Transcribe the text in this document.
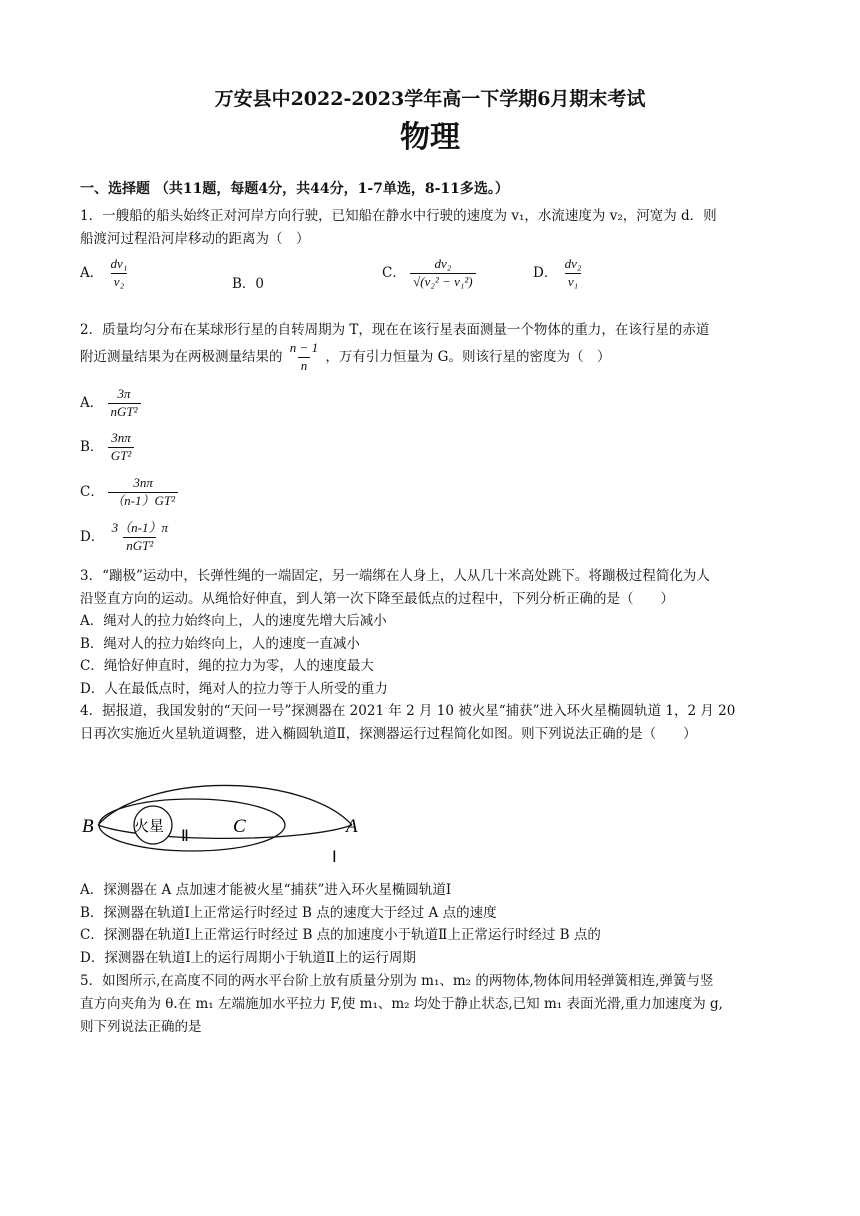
万安县中2022-2023学年高一下学期6月期末考试
物理
一、选择题 （共11题，每题4分，共44分，1-7单选，8-11多选。）
1．一艘船的船头始终正对河岸方向行驶，已知船在静水中行驶的速度为 v₁，水流速度为 v₂，河宽为 d．则
船渡河过程沿河岸移动的距离为（　）
A． $\frac{\text{dv₁}}{\text{v₂}}$	B．0
C． $\frac{\text{dv₂}}{\text{√(v₂² − v₁²)}}$	D． $\frac{\text{dv₂}}{\text{v₁}}$
2．质量均匀分布在某球形行星的自转周期为 T，现在在该行星表面测量一个物体的重力，在该行星的赤道
附近测量结果为在两极测量结果的 $\frac{n - 1}{n}$ ，万有引力恒量为 G。则该行星的密度为（　）
A． $\frac{3\pi}{\text{nGT²}}$
B． $\frac{3n\pi}{\text{GT²}}$
C． $\frac{3n\pi}{\text{（n-1）GT²}}$
D． $\frac{3(n-1)\pi}{\text{nGT²}}$
3．“蹦极”运动中，长弹性绳的一端固定，另一端绑在人身上，人从几十米高处跳下。将蹦极过程简化为人
沿竖直方向的运动。从绳恰好伸直，到人第一次下降至最低点的过程中，下列分析正确的是（　　）
A．绳对人的拉力始终向上，人的速度先增大后减小
B．绳对人的拉力始终向上，人的速度一直减小
C．绳恰好伸直时，绳的拉力为零，人的速度最大
D．人在最低点时，绳对人的拉力等于人所受的重力
4．据报道，我国发射的“天问一号”探测器在 2021 年 2 月 10 被火星“捕获”进入环火星椭圆轨道 1，2 月 20
日再次实施近火星轨道调整，进入椭圆轨道Ⅱ，探测器运行过程简化如图。则下列说法正确的是（　　）
火星
B	Ⅱ C	A
Ⅰ
A．探测器在 A 点加速才能被火星“捕获”进入环火星椭圆轨道Ⅰ
B．探测器在轨道Ⅰ上正常运行时经过 B 点的速度大于经过 A 点的速度
C．探测器在轨道Ⅰ上正常运行时经过 B 点的加速度小于轨道Ⅱ上正常运行时经过 B 点的
D．探测器在轨道Ⅰ上的运行周期小于轨道Ⅱ上的运行周期
5．如图所示,在高度不同的两水平台阶上放有质量分别为 m₁、m₂ 的两物体,物体间用轻弹簧相连,弹簧与竖
直方向夹角为 θ.在 m₁ 左端施加水平拉力 F,使 m₁、m₂ 均处于静止状态,已知 m₁ 表面光滑,重力加速度为 g,
则下列说法正确的是
